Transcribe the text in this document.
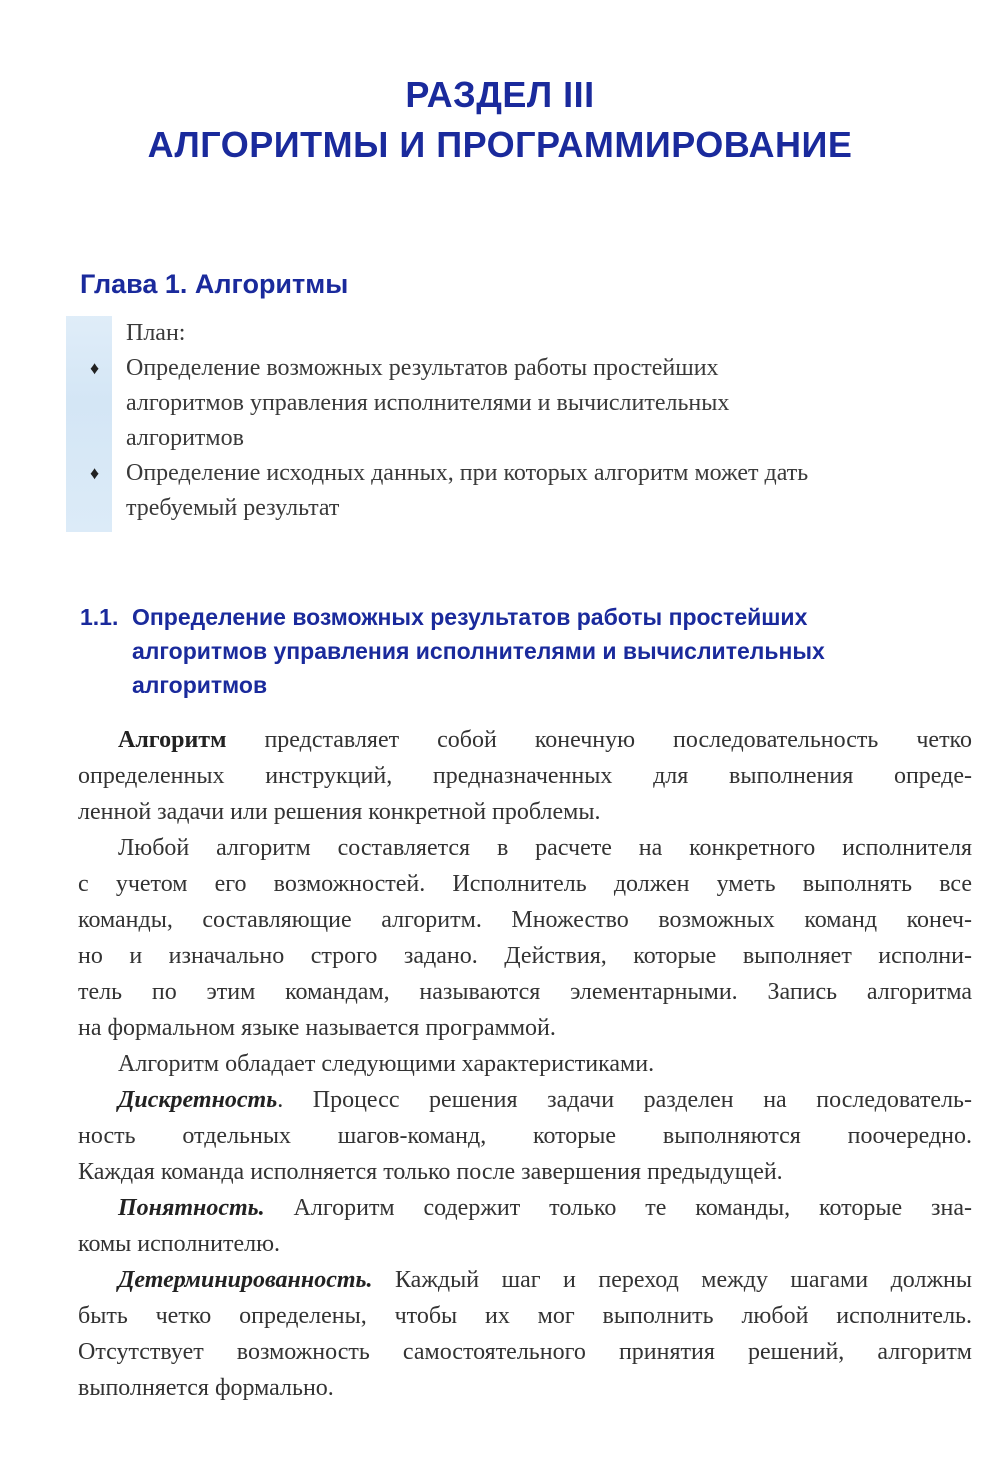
РАЗДЕЛ III
АЛГОРИТМЫ И ПРОГРАММИРОВАНИЕ
Глава 1. Алгоритмы

План:

♦ Определение возможных результатов работы простейших
алгоритмов управления исполнителями и вычислительных
алгоритмов
♦ Определение исходных данных, при которых алгоритм может дать
требуемый результат
1.1. Определение возможных результатов работы простейших
алгоритмов управления исполнителями и вычислительных
алгоритмов
Алгоритм представляет собой конечную последовательность четко
определенных инструкций, предназначенных для выполнения опреде-
ленной задачи или решения конкретной проблемы.
Любой алгоритм составляется в расчете на конкретного исполнителя
с учетом его возможностей. Исполнитель должен уметь выполнять все
команды, составляющие алгоритм. Множество возможных команд конеч-
но и изначально строго задано. Действия, которые выполняет исполни-
тель по этим командам, называются элементарными. Запись алгоритма
на формальном языке называется программой.
Алгоритм обладает следующими характеристиками.
Дискретность. Процесс решения задачи разделен на последователь-
ность отдельных шагов-команд, которые выполняются поочередно.
Каждая команда исполняется только после завершения предыдущей.
Понятность. Алгоритм содержит только те команды, которые зна-
комы исполнителю.
Детерминированность. Каждый шаг и переход между шагами должны
быть четко определены, чтобы их мог выполнить любой исполнитель.
Отсутствует возможность самостоятельного принятия решений, алгоритм
выполняется формально.
